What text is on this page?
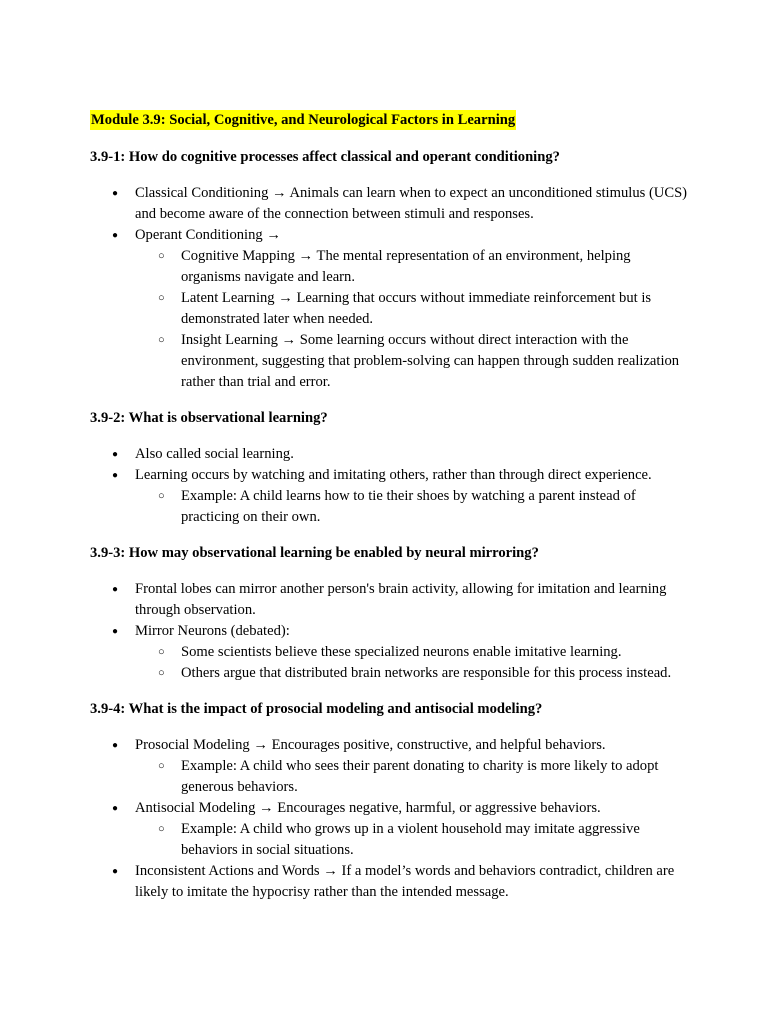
Module 3.9: Social, Cognitive, and Neurological Factors in Learning

3.9-1: How do cognitive processes affect classical and operant conditioning?

● Classical Conditioning → Animals can learn when to expect an unconditioned stimulus (UCS) and become aware of the connection between stimuli and responses.
● Operant Conditioning →
○ Cognitive Mapping → The mental representation of an environment, helping organisms navigate and learn.
○ Latent Learning → Learning that occurs without immediate reinforcement but is demonstrated later when needed.
○ Insight Learning → Some learning occurs without direct interaction with the environment, suggesting that problem-solving can happen through sudden realization rather than trial and error.

3.9-2: What is observational learning?

● Also called social learning.
● Learning occurs by watching and imitating others, rather than through direct experience.
○ Example: A child learns how to tie their shoes by watching a parent instead of practicing on their own.

3.9-3: How may observational learning be enabled by neural mirroring?

● Frontal lobes can mirror another person's brain activity, allowing for imitation and learning through observation.
● Mirror Neurons (debated):
○ Some scientists believe these specialized neurons enable imitative learning.
○ Others argue that distributed brain networks are responsible for this process instead.

3.9-4: What is the impact of prosocial modeling and antisocial modeling?

● Prosocial Modeling → Encourages positive, constructive, and helpful behaviors.
○ Example: A child who sees their parent donating to charity is more likely to adopt generous behaviors.
● Antisocial Modeling → Encourages negative, harmful, or aggressive behaviors.
○ Example: A child who grows up in a violent household may imitate aggressive behaviors in social situations.
● Inconsistent Actions and Words → If a model’s words and behaviors contradict, children are likely to imitate the hypocrisy rather than the intended message.
